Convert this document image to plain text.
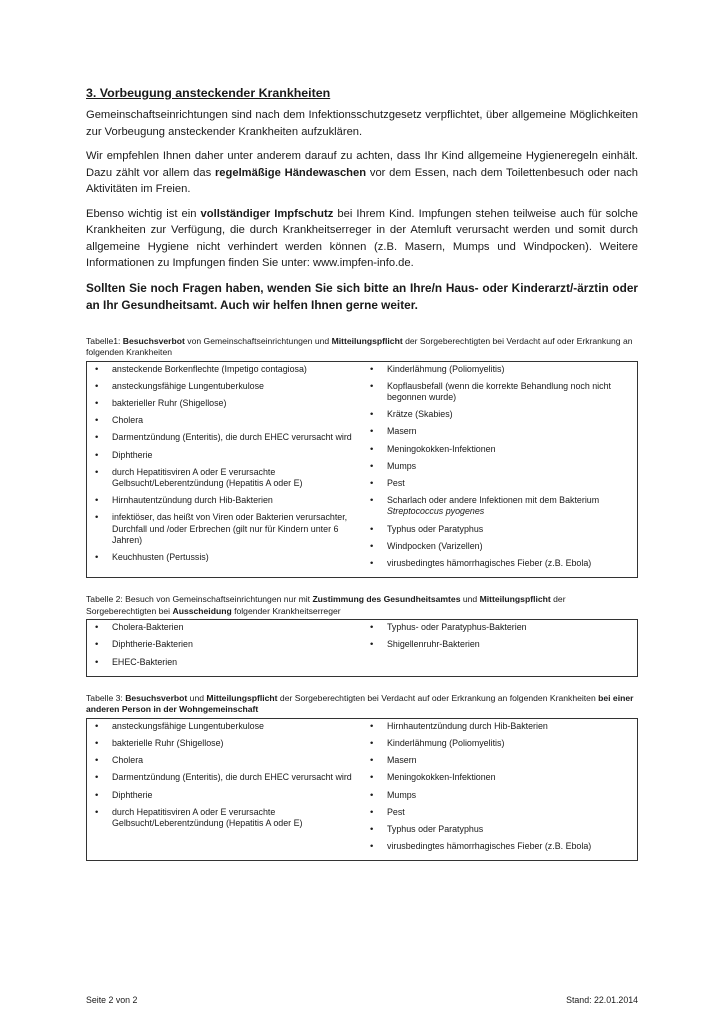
3. Vorbeugung ansteckender Krankheiten

Gemeinschaftseinrichtungen sind nach dem Infektionsschutzgesetz verpflichtet, über allgemeine Möglichkeiten zur Vorbeugung ansteckender Krankheiten aufzuklären.

Wir empfehlen Ihnen daher unter anderem darauf zu achten, dass Ihr Kind allgemeine Hygieneregeln einhält. Dazu zählt vor allem das regelmäßige Händewaschen vor dem Essen, nach dem Toilettenbesuch oder nach Aktivitäten im Freien.

Ebenso wichtig ist ein vollständiger Impfschutz bei Ihrem Kind. Impfungen stehen teilweise auch für solche Krankheiten zur Verfügung, die durch Krankheitserreger in der Atemluft verursacht werden und somit durch allgemeine Hygiene nicht verhindert werden können (z.B. Masern, Mumps und Windpocken). Weitere Informationen zu Impfungen finden Sie unter: www.impfen-info.de.

Sollten Sie noch Fragen haben, wenden Sie sich bitte an Ihre/n Haus- oder Kinderarzt/-ärztin oder an Ihr Gesundheitsamt. Auch wir helfen Ihnen gerne weiter.

Tabelle1: Besuchsverbot von Gemeinschaftseinrichtungen und Mitteilungspflicht der Sorgeberechtigten bei Verdacht auf oder Erkrankung an folgenden Krankheiten
• ansteckende Borkenflechte (Impetigo contagiosa)
• ansteckungsfähige Lungentuberkulose
• bakterieller Ruhr (Shigellose)
• Cholera
• Darmentzündung (Enteritis), die durch EHEC verursacht wird
• Diphtherie
• durch Hepatitisviren A oder E verursachte Gelbsucht/Leberentzündung (Hepatitis A oder E)
• Hirnhautentzündung durch Hib-Bakterien
• infektiöser, das heißt von Viren oder Bakterien verursachter, Durchfall und /oder Erbrechen (gilt nur für Kindern unter 6 Jahren)
• Keuchhusten (Pertussis)
• Kinderlähmung (Poliomyelitis)
• Kopflausbefall (wenn die korrekte Behandlung noch nicht begonnen wurde)
• Krätze (Skabies)
• Masern
• Meningokokken-Infektionen
• Mumps
• Pest
• Scharlach oder andere Infektionen mit dem Bakterium Streptococcus pyogenes
• Typhus oder Paratyphus
• Windpocken (Varizellen)
• virusbedingtes hämorrhagisches Fieber (z.B. Ebola)
Tabelle 2: Besuch von Gemeinschaftseinrichtungen nur mit Zustimmung des Gesundheitsamtes und Mitteilungspflicht der Sorgeberechtigten bei Ausscheidung folgender Krankheitserreger
• Cholera-Bakterien
• Diphtherie-Bakterien
• EHEC-Bakterien
• Typhus- oder Paratyphus-Bakterien
• Shigellenruhr-Bakterien
Tabelle 3: Besuchsverbot und Mitteilungspflicht der Sorgeberechtigten bei Verdacht auf oder Erkrankung an folgenden Krankheiten bei einer anderen Person in der Wohngemeinschaft
• ansteckungsfähige Lungentuberkulose
• bakterielle Ruhr (Shigellose)
• Cholera
• Darmentzündung (Enteritis), die durch EHEC verursacht wird
• Diphtherie
• durch Hepatitisviren A oder E verursachte Gelbsucht/Leberentzündung (Hepatitis A oder E)
• Hirnhautentzündung durch Hib-Bakterien
• Kinderlähmung (Poliomyelitis)
• Masern
• Meningokokken-Infektionen
• Mumps
• Pest
• Typhus oder Paratyphus
• virusbedingtes hämorrhagisches Fieber (z.B. Ebola)
Seite 2 von 2	Stand: 22.01.2014
